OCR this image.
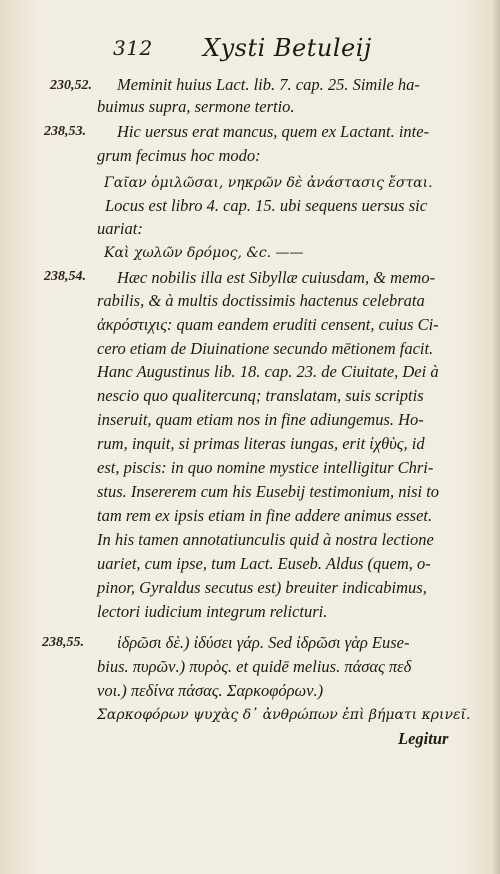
312 Xysti Betuleij
230,52.
238,53.
238,54.
238,55.
Meminit huius Lact. lib. 7. cap. 25. Simile ha-
buimus supra, sermone tertio.
Hic uersus erat mancus, quem ex Lactant. inte-
grum fecimus hoc modo:
Γαῖαν ὁμιλῶσαι, νηκρῶν δὲ ἀνάστασις ἔσται.
Locus est libro 4. cap. 15. ubi sequens uersus sic
uariat:
Καὶ χωλῶν δρόμος, &c. ——
Hæc nobilis illa est Sibyllæ cuiusdam, & memo-
rabilis, & à multis doctissimis hactenus celebrata
ἀκρόστιχις: quam eandem eruditi censent, cuius Ci-
cero etiam de Diuinatione secundo mētionem facit.
Hanc Augustinus lib. 18. cap. 23. de Ciuitate, Dei à
nescio quo qualitercunq; translatam, suis scriptis
inseruit, quam etiam nos in fine adiungemus. Ho-
rum, inquit, si primas literas iungas, erit ἰχθὺς, id
est, piscis: in quo nomine mystice intelligitur Chri-
stus. Insererem cum his Eusebij testimonium, nisi to
tam rem ex ipsis etiam in fine addere animus esset.
In his tamen annotatiunculis quid à nostra lectione
uariet, cum ipse, tum Lact. Euseb. Aldus (quem, o-
pinor, Gyraldus secutus est) breuiter indicabimus,
lectori iudicium integrum relicturi.
ἰδρῶσι δὲ.) ἰδύσει γάρ. Sed ἰδρῶσι γὰρ Euse-
bius. πυρῶν.) πυρὸς. et quidē melius. πάσας πεδ
νοι.) πεδίνα πάσας. Σαρκοφόρων.)
Σαρκοφόρων ψυχὰς δ᾽ ἀνθρώπων ἐπὶ βήματι κρινεῖ.
Legitur
